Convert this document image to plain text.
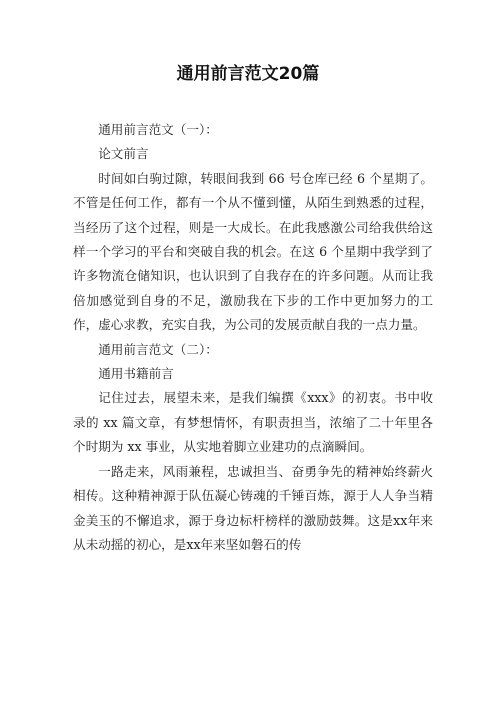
通用前言范文20篇

通用前言范文（一）：

论文前言

时间如白驹过隙，转眼间我到 66 号仓库已经 6 个星期了。不管是任何工作，都有一个从不懂到懂，从陌生到熟悉的过程，当经历了这个过程，则是一大成长。在此我感激公司给我供给这样一个学习的平台和突破自我的机会。在这 6 个星期中我学到了许多物流仓储知识，也认识到了自我存在的许多问题。从而让我倍加感觉到自身的不足，激励我在下步的工作中更加努力的工作，虚心求教，充实自我，为公司的发展贡献自我的一点力量。

通用前言范文（二）：

通用书籍前言

记住过去，展望未来，是我们编撰《xxx》的初衷。书中收录的 xx 篇文章，有梦想情怀，有职责担当，浓缩了二十年里各个时期为 xx 事业，从实地着脚立业建功的点滴瞬间。

一路走来，风雨兼程，忠诚担当、奋勇争先的精神始终薪火相传。这种精神源于队伍凝心铸魂的千锤百炼，源于人人争当精金美玉的不懈追求，源于身边标杆榜样的激励鼓舞。这是xx年来从未动摇的初心，是xx年来坚如磐石的传
